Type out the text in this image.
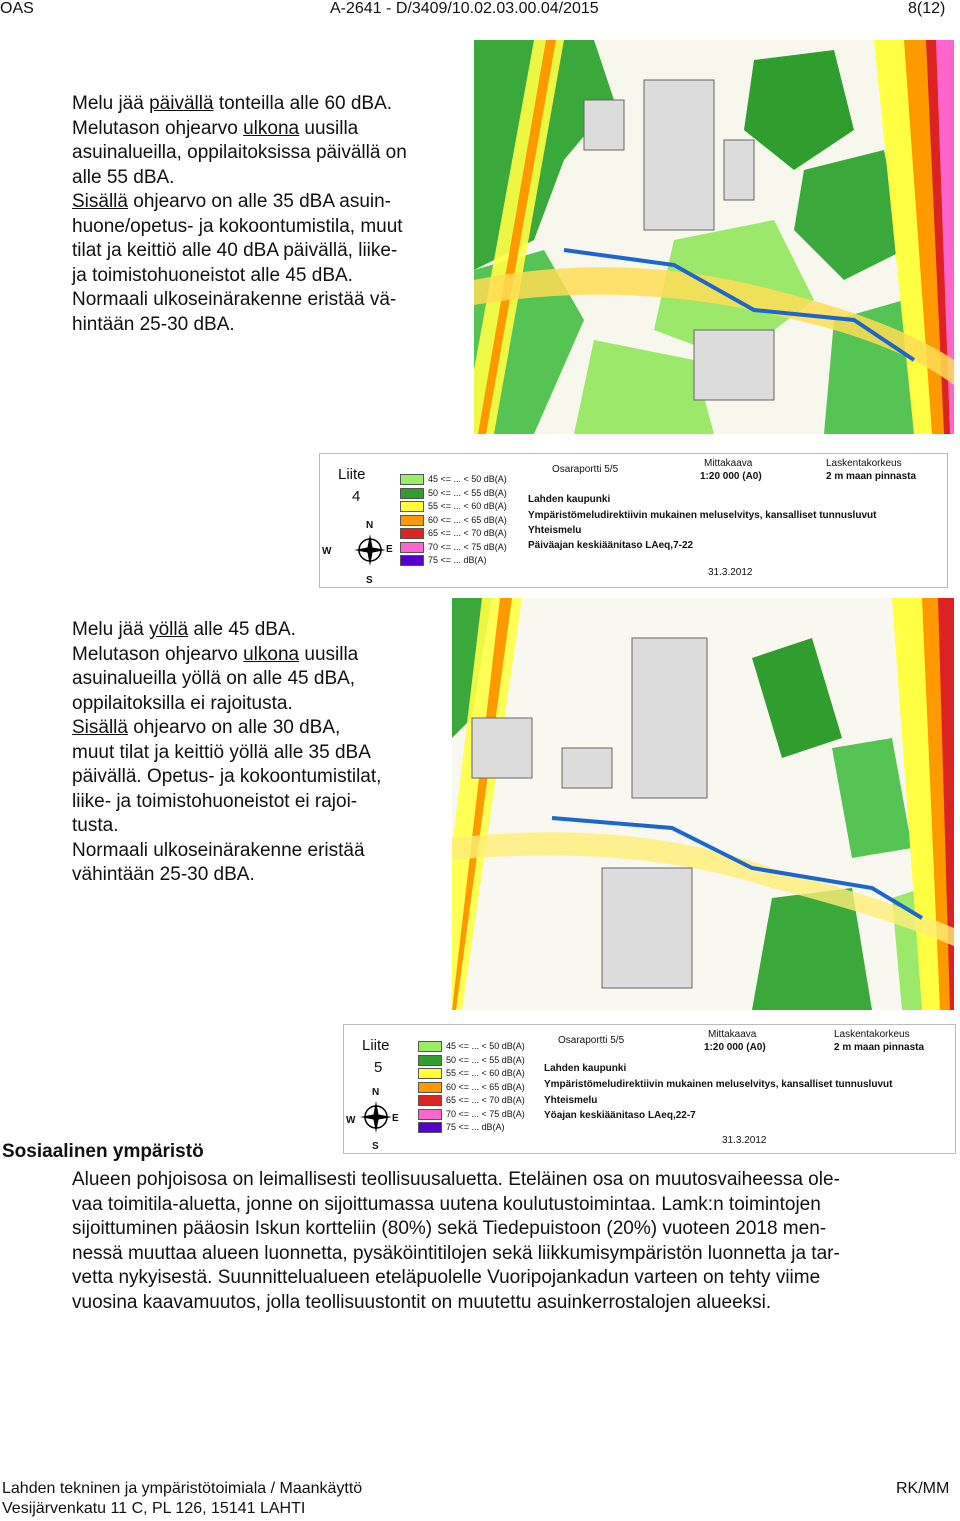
OAS	A-2641 - D/3409/10.02.03.00.04/2015	8(12)

Melu jää päivällä tonteilla alle 60 dBA.

Melutason ohjearvo ulkona uusilla

asuinalueilla, oppilaitoksissa päivällä on

alle 55 dBA.

Sisällä ohjearvo on alle 35 dBA asuin-

huone/opetus- ja kokoontumistila, muut

tilat ja keittiö alle 40 dBA päivällä, liike-

ja toimistohuoneistot alle 45 dBA.

Normaali ulkoseinärakenne eristää vä-

hintään 25-30 dBA.

Liite
4
N
E
S
W
Osaraportti 5/5
Mittakaava
1:20 000 (A0)
Laskentakorkeus
2 m maan pinnasta
Lahden kaupunki
Ympäristömeludirektiivin mukainen meluselvitys, kansalliset tunnusluvut
Yhteismelu
Päiväajan keskiäänitaso LAeq,7-22
31.3.2012
45 <= ... < 50 dB(A)
50 <= ... < 55 dB(A)
55 <= ... < 60 dB(A)
60 <= ... < 65 dB(A)
65 <= ... < 70 dB(A)
70 <= ... < 75 dB(A)
75 <= ... dB(A)

Melu jää yöllä alle 45 dBA.

Melutason ohjearvo ulkona uusilla

asuinalueilla yöllä on alle 45 dBA,

oppilaitoksilla ei rajoitusta.

Sisällä ohjearvo on alle 30 dBA,

muut tilat ja keittiö yöllä alle 35 dBA

päivällä. Opetus- ja kokoontumistilat,

liike- ja toimistohuoneistot ei rajoi-

tusta.

Normaali ulkoseinärakenne eristää

vähintään 25-30 dBA.

Liite
5
N
E
S
W
Osaraportti 5/5
Mittakaava
1:20 000 (A0)
Laskentakorkeus
2 m maan pinnasta
Lahden kaupunki
Ympäristömeludirektiivin mukainen meluselvitys, kansalliset tunnusluvut
Yhteismelu
Yöajan keskiäänitaso LAeq,22-7
31.3.2012
45 <= ... < 50 dB(A)
50 <= ... < 55 dB(A)
55 <= ... < 60 dB(A)
60 <= ... < 65 dB(A)
65 <= ... < 70 dB(A)
70 <= ... < 75 dB(A)
75 <= ... dB(A)
Sosiaalinen ympäristö

Alueen pohjoisosa on leimallisesti teollisuusaluetta. Eteläinen osa on muutosvaiheessa ole-

vaa toimitila-aluetta, jonne on sijoittumassa uutena koulutustoimintaa. Lamk:n toimintojen

sijoittuminen pääosin Iskun kortteliin (80%) sekä Tiedepuistoon (20%) vuoteen 2018 men-

nessä muuttaa alueen luonnetta, pysäköintitilojen sekä liikkumisympäristön luonnetta ja tar-

vetta nykyisestä. Suunnittelualueen eteläpuolelle Vuoripojankadun varteen on tehty viime

vuosina kaavamuutos, jolla teollisuustontit on muutettu asuinkerrostalojen alueeksi.

Lahden tekninen ja ympäristötoimiala / Maankäyttö
Vesijärvenkatu 11 C, PL 126, 15141 LAHTI
RK/MM
